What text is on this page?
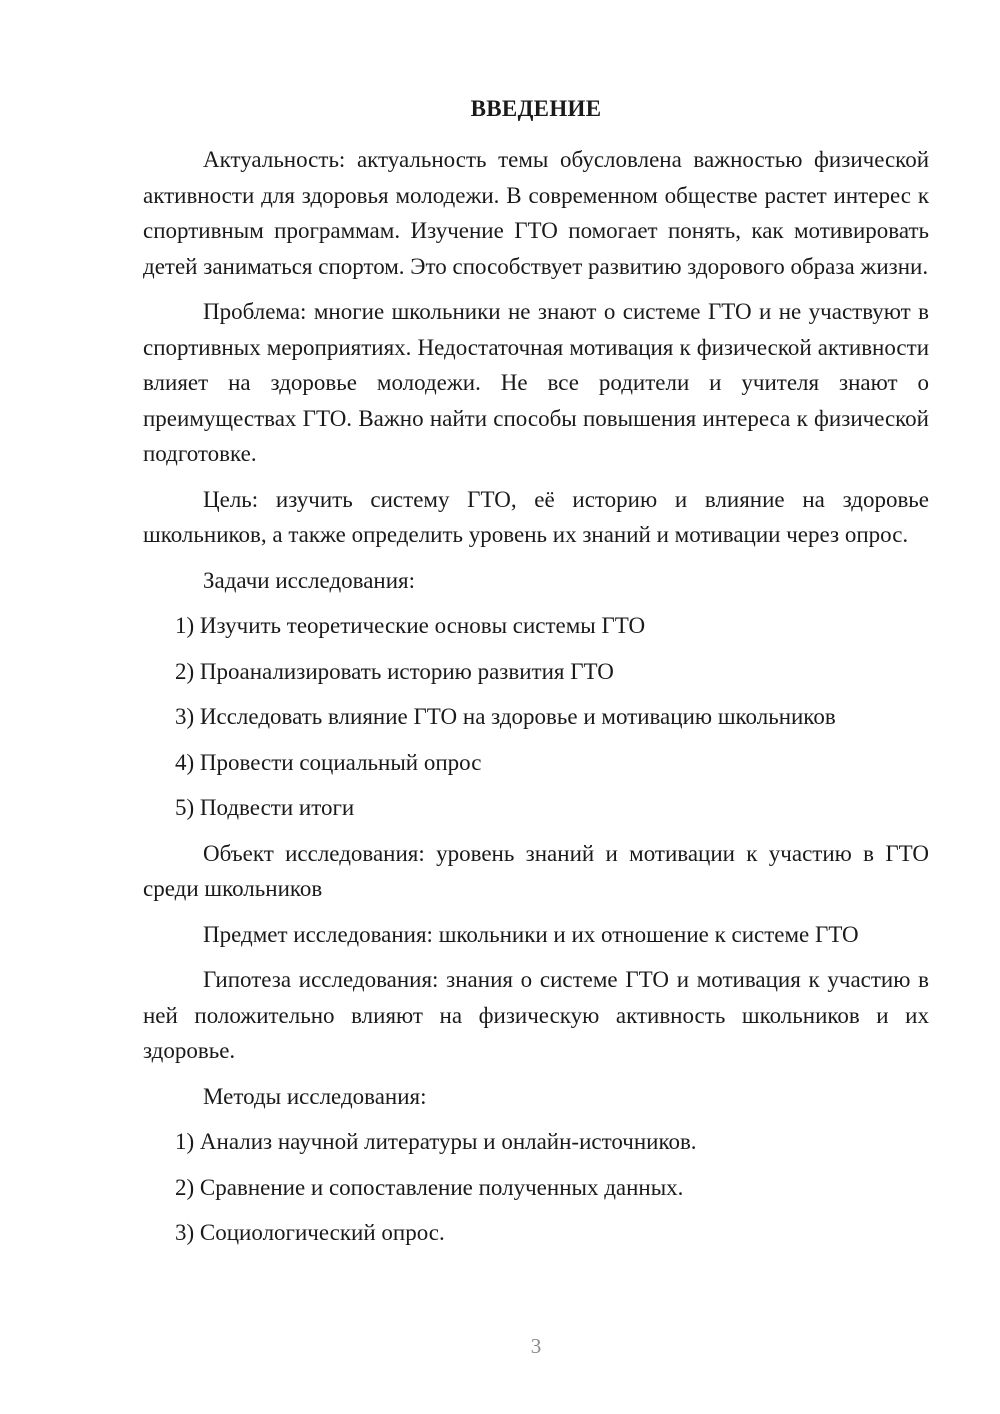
ВВЕДЕНИЕ

Актуальность: актуальность темы обусловлена важностью физической активности для здоровья молодежи. В современном обществе растет интерес к спортивным программам. Изучение ГТО помогает понять, как мотивировать детей заниматься спортом. Это способствует развитию здорового образа жизни.

Проблема: многие школьники не знают о системе ГТО и не участвуют в спортивных мероприятиях. Недостаточная мотивация к физической активности влияет на здоровье молодежи. Не все родители и учителя знают о преимуществах ГТО. Важно найти способы повышения интереса к физической подготовке.

Цель: изучить систему ГТО, её историю и влияние на здоровье школьников, а также определить уровень их знаний и мотивации через опрос.

Задачи исследования:

1) Изучить теоретические основы системы ГТО

2) Проанализировать историю развития ГТО

3) Исследовать влияние ГТО на здоровье и мотивацию школьников

4) Провести социальный опрос

5) Подвести итоги

Объект исследования: уровень знаний и мотивации к участию в ГТО среди школьников

Предмет исследования: школьники и их отношение к системе ГТО

Гипотеза исследования: знания о системе ГТО и мотивация к участию в ней положительно влияют на физическую активность школьников и их здоровье.

Методы исследования:

1) Анализ научной литературы и онлайн-источников.

2) Сравнение и сопоставление полученных данных.

3) Социологический опрос.

3
